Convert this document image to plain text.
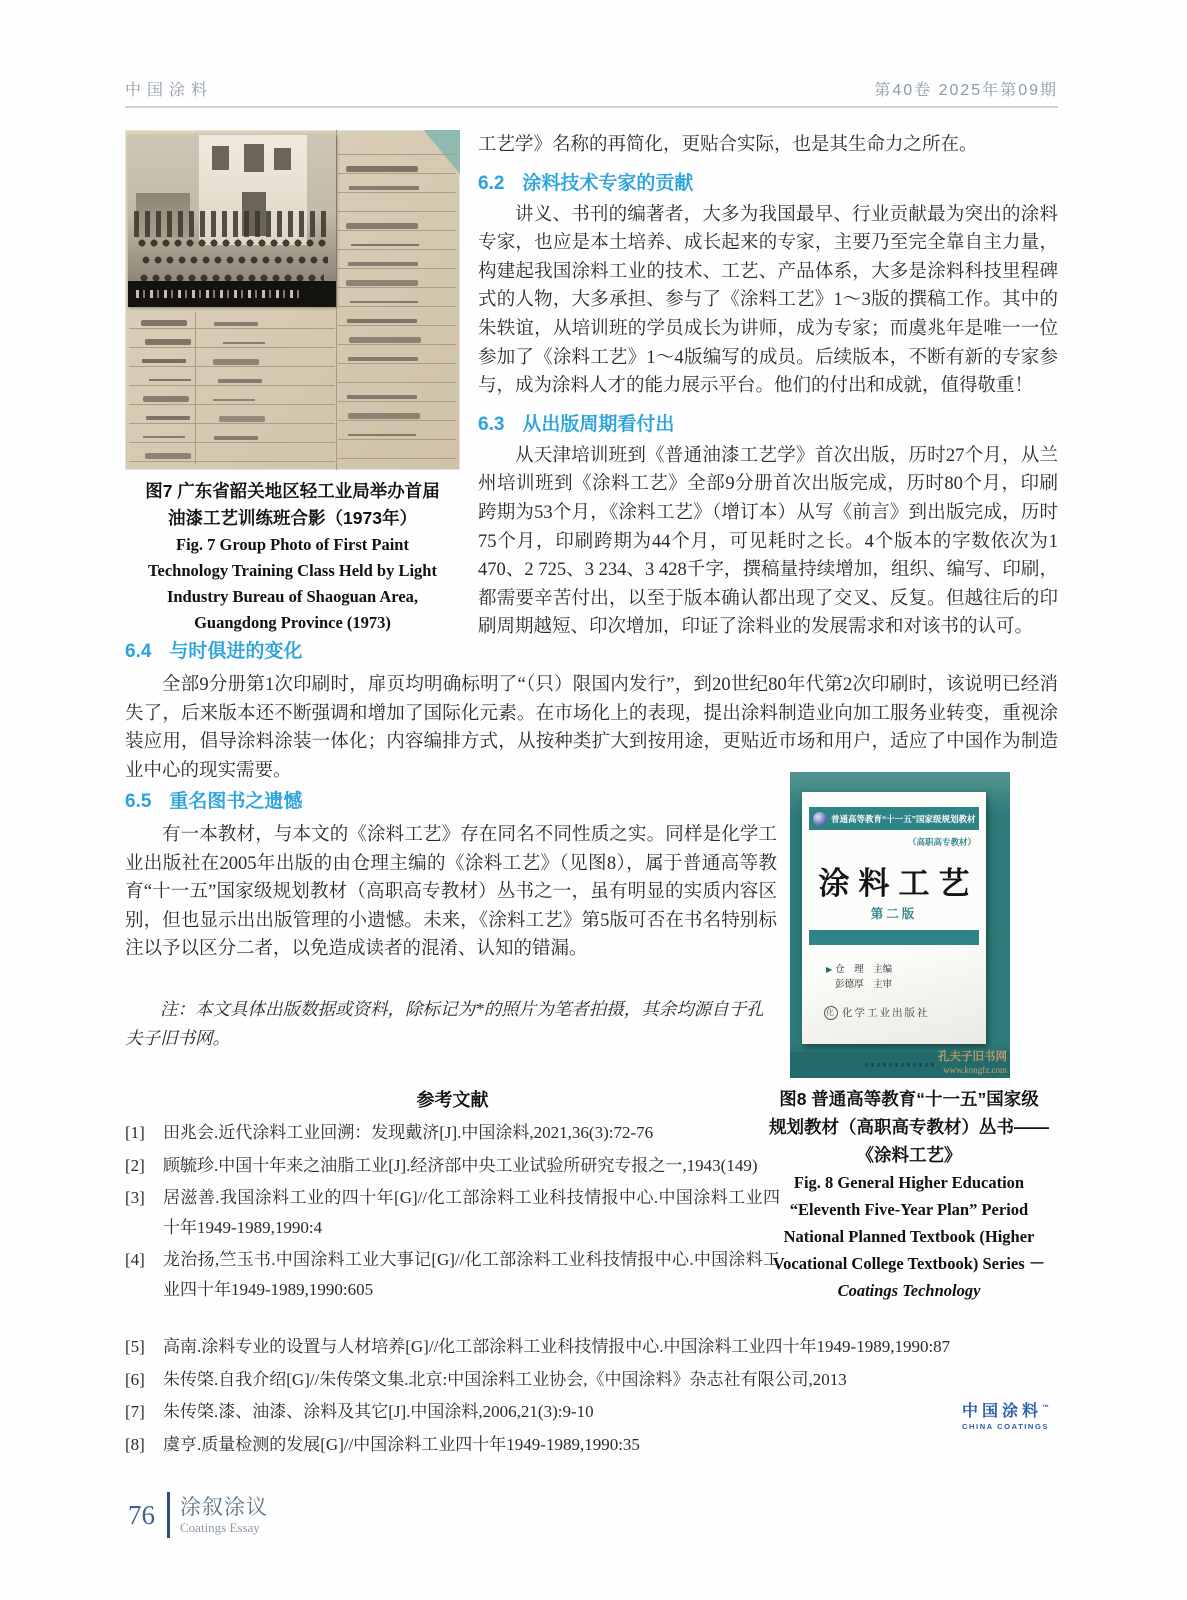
中国涂料	第40卷 2025年第09期
图7 广东省韶关地区轻工业局举办首届
油漆工艺训练班合影（1973年）
Fig. 7 Group Photo of First Paint
Technology Training Class Held by Light
Industry Bureau of Shaoguan Area,
Guangdong Province (1973)

工艺学》名称的再简化，更贴合实际，也是其生命力之所在。

6.2 涂料技术专家的贡献

讲义、书刊的编著者，大多为我国最早、行业贡献最为突出的涂料专家，也应是本土培养、成长起来的专家，主要乃至完全靠自主力量，构建起我国涂料工业的技术、工艺、产品体系，大多是涂料科技里程碑式的人物，大多承担、参与了《涂料工艺》1～3版的撰稿工作。其中的朱轶谊，从培训班的学员成长为讲师，成为专家；而虞兆年是唯一一位参加了《涂料工艺》1～4版编写的成员。后续版本，不断有新的专家参与，成为涂料人才的能力展示平台。他们的付出和成就，值得敬重！

6.3 从出版周期看付出

从天津培训班到《普通油漆工艺学》首次出版，历时27个月，从兰州培训班到《涂料工艺》全部9分册首次出版完成，历时80个月，印刷跨期为53个月，《涂料工艺》（增订本）从写《前言》到出版完成，历时75个月，印刷跨期为44个月，可见耗时之长。4个版本的字数依次为1 470、2 725、3 234、3 428千字，撰稿量持续增加，组织、编写、印刷，都需要辛苦付出，以至于版本确认都出现了交叉、反复。但越往后的印刷周期越短、印次增加，印证了涂料业的发展需求和对该书的认可。

6.4 与时俱进的变化

全部9分册第1次印刷时，扉页均明确标明了“（只）限国内发行”，到20世纪80年代第2次印刷时，该说明已经消失了，后来版本还不断强调和增加了国际化元素。在市场化上的表现，提出涂料制造业向加工服务业转变，重视涂装应用，倡导涂料涂装一体化；内容编排方式，从按种类扩大到按用途，更贴近市场和用户，适应了中国作为制造业中心的现实需要。

6.5 重名图书之遗憾

有一本教材，与本文的《涂料工艺》存在同名不同性质之实。同样是化学工业出版社在2005年出版的由仓理主编的《涂料工艺》（见图8），属于普通高等教育“十一五”国家级规划教材（高职高专教材）丛书之一，虽有明显的实质内容区别，但也显示出出版管理的小遗憾。未来，《涂料工艺》第5版可否在书名特别标注以予以区分二者，以免造成读者的混淆、认知的错漏。

注：本文具体出版数据或资料，除标记为*的照片为笔者拍摄，其余均源自于孔夫子旧书网。

普通高等教育“十一五”国家级规划教材
（高职高专教材）
涂料工艺
第二版
▶ 仓　理　主编
彭德厚　主审
化 化学工业出版社
孔夫子旧书网
www.kongfz.com
图8 普通高等教育“十一五”国家级
规划教材（高职高专教材）丛书——
《涂料工艺》
Fig. 8 General Higher Education
“Eleventh Five-Year Plan” Period
National Planned Textbook (Higher
Vocational College Textbook) Series －
Coatings Technology
参考文献
[1] 田兆会.近代涂料工业回溯：发现戴济[J].中国涂料,2021,36(3):72-76
[2] 顾毓珍.中国十年来之油脂工业[J].经济部中央工业试验所研究专报之一,1943(149)
[3] 居滋善.我国涂料工业的四十年[G]//化工部涂料工业科技情报中心.中国涂料工业四十年1949-1989,1990:4
[4] 龙治扬,竺玉书.中国涂料工业大事记[G]//化工部涂料工业科技情报中心.中国涂料工业四十年1949-1989,1990:605
[5] 高南.涂料专业的设置与人材培养[G]//化工部涂料工业科技情报中心.中国涂料工业四十年1949-1989,1990:87
[6] 朱传棨.自我介绍[G]//朱传棨文集.北京:中国涂料工业协会,《中国涂料》杂志社有限公司,2013
[7] 朱传棨.漆、油漆、涂料及其它[J].中国涂料,2006,21(3):9-10
[8] 虞亨.质量检测的发展[G]//中国涂料工业四十年1949-1989,1990:35
中国涂料™
CHINA COATINGS
76 涂叙涂议
Coatings Essay
